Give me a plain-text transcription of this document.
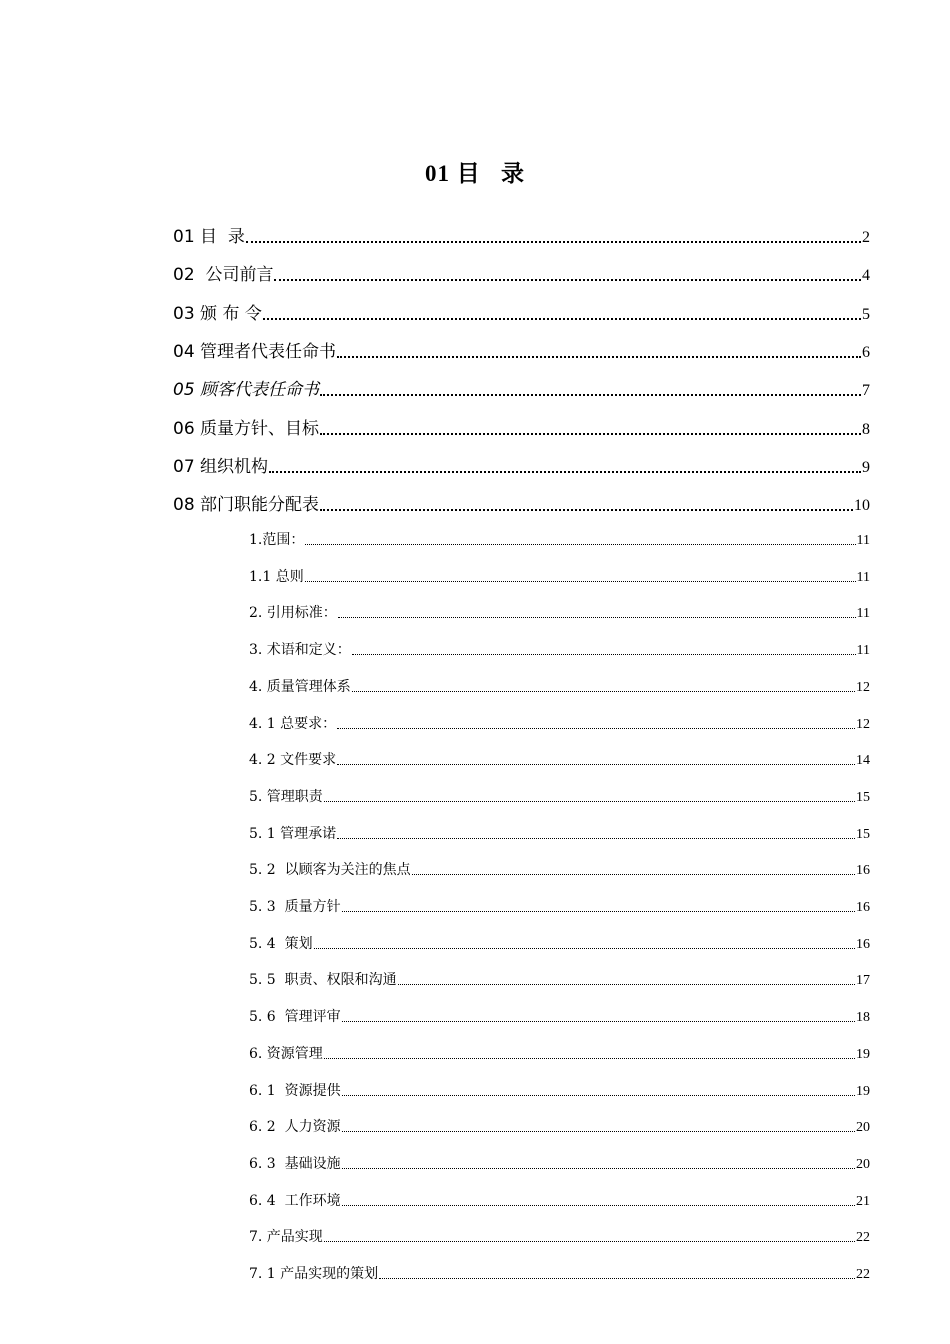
01 目   录
01 目  录	2
02  公司前言	4
03 颁 布 令	5
04 管理者代表任命书	6
05 顾客代表任命书	7
06 质量方针、目标	8
07 组织机构	9
08 部门职能分配表	10
1.范围：	11
1.1 总则	11
2. 引用标准：	11
3. 术语和定义：	11
4. 质量管理体系	12
4. 1 总要求：	12
4. 2 文件要求	14
5. 管理职责	15
5. 1 管理承诺	15
5. 2  以顾客为关注的焦点	16
5. 3  质量方针	16
5. 4  策划	16
5. 5  职责、权限和沟通	17
5. 6  管理评审	18
6. 资源管理	19
6. 1  资源提供	19
6. 2  人力资源	20
6. 3  基础设施	20
6. 4  工作环境	21
7. 产品实现	22
7. 1 产品实现的策划	22
